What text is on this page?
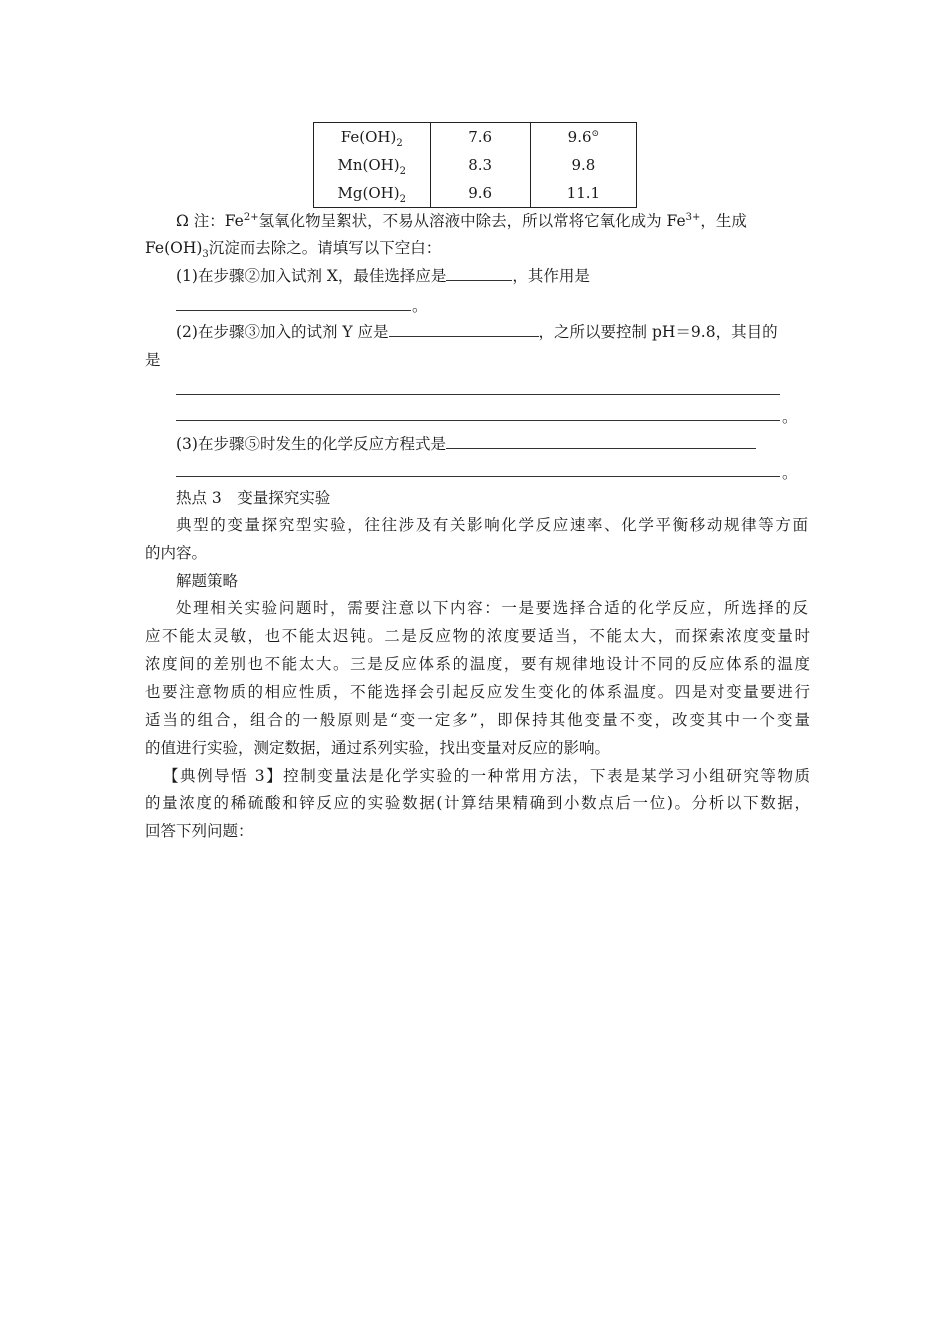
$Fe(OH)_2$	7.6	9.6⊙
$Mn(OH)_2$	8.3	9.8
$Mg(OH)_2$	9.6	11.1
Ω 注：$Fe^{2+}$氢氧化物呈絮状，不易从溶液中除去，所以常将它氧化成为 $Fe^{3+}$，生成
$Fe(OH)_3$沉淀而去除之。请填写以下空白：
(1)在步骤②加入试剂 X，最佳选择应是	，其作用是
。
(2)在步骤③加入的试剂 Y 应是	，之所以要控制 pH＝9.8，其目的
是
。
(3)在步骤⑤时发生的化学反应方程式是
。
热点 3　变量探究实验
典型的变量探究型实验，往往涉及有关影响化学反应速率、化学平衡移动规律等方面
的内容。
解题策略
处理相关实验问题时，需要注意以下内容：一是要选择合适的化学反应，所选择的反
应不能太灵敏，也不能太迟钝。二是反应物的浓度要适当，不能太大，而探索浓度变量时
浓度间的差别也不能太大。三是反应体系的温度，要有规律地设计不同的反应体系的温度
也要注意物质的相应性质，不能选择会引起反应发生变化的体系温度。四是对变量要进行
适当的组合，组合的一般原则是“变一定多”，即保持其他变量不变，改变其中一个变量
的值进行实验，测定数据，通过系列实验，找出变量对反应的影响。
【典例导悟 3】控制变量法是化学实验的一种常用方法，下表是某学习小组研究等物质
的量浓度的稀硫酸和锌反应的实验数据(计算结果精确到小数点后一位)。分析以下数据，
回答下列问题：
